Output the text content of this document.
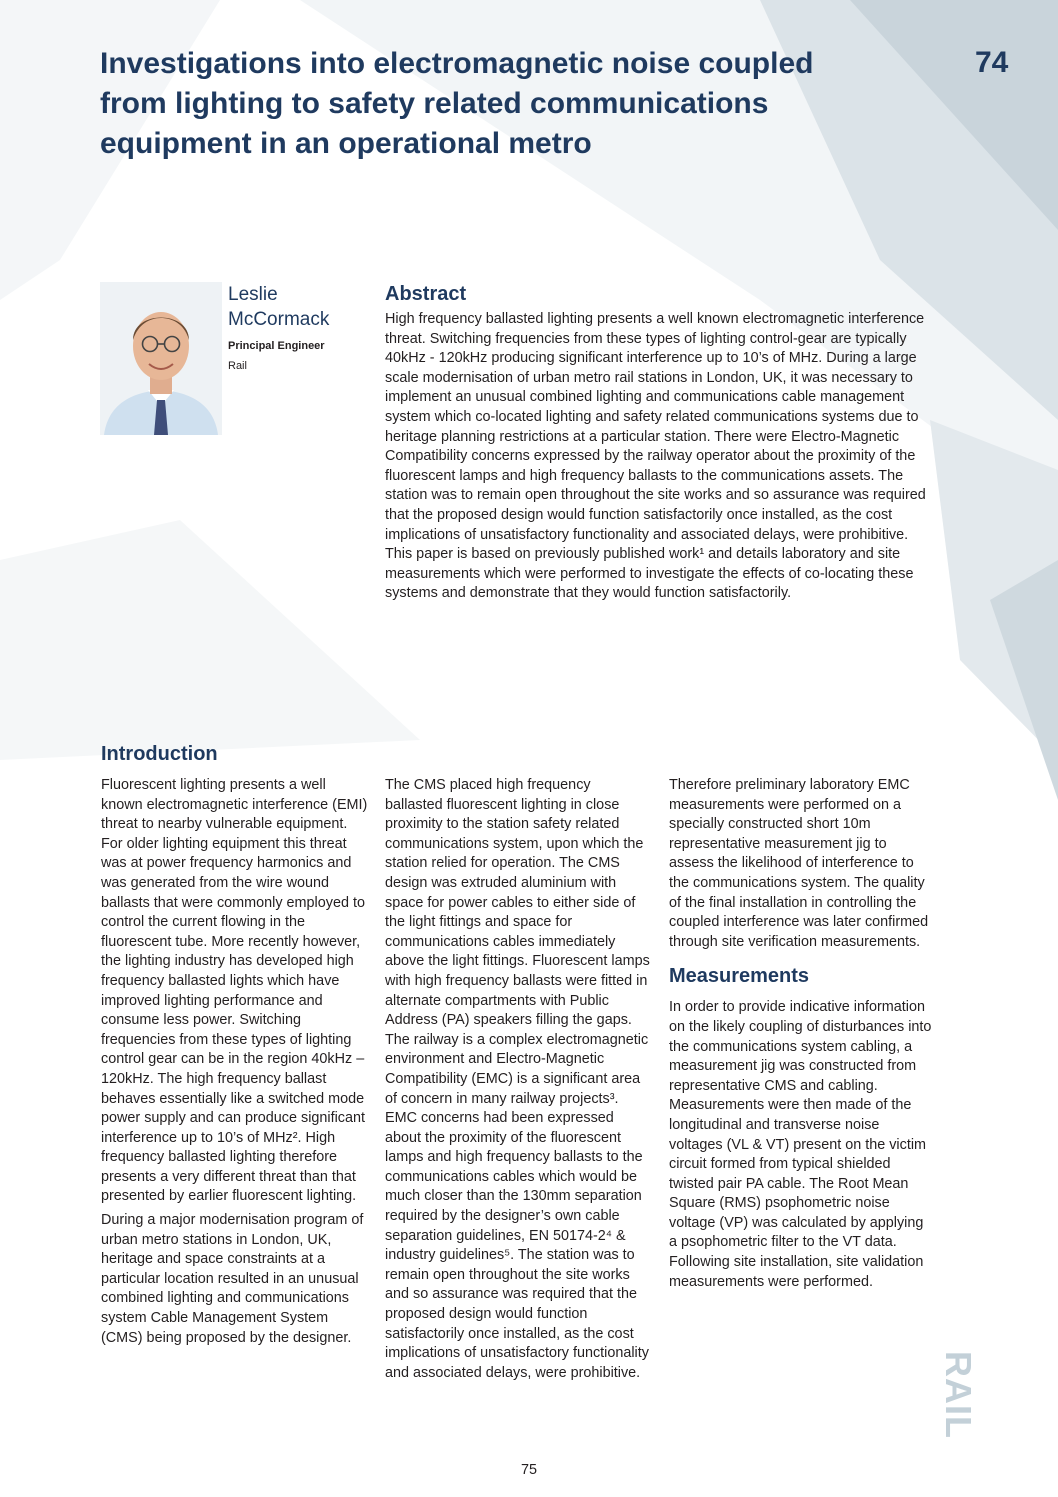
Investigations into electromagnetic noise coupled from lighting to safety related communications equipment in an operational metro
74
Leslie
McCormack
Principal Engineer
Rail
Abstract

High frequency ballasted lighting presents a well known electromagnetic interference threat. Switching frequencies from these types of lighting control-gear are typically 40kHz - 120kHz producing significant interference up to 10’s of MHz. During a large scale modernisation of urban metro rail stations in London, UK, it was necessary to implement an unusual combined lighting and communications cable management system which co-located lighting and safety related communications systems due to heritage planning restrictions at a particular station. There were Electro-Magnetic Compatibility concerns expressed by the railway operator about the proximity of the fluorescent lamps and high frequency ballasts to the communications assets. The station was to remain open throughout the site works and so assurance was required that the proposed design would function satisfactorily once installed, as the cost implications of unsatisfactory functionality and associated delays, were prohibitive. This paper is based on previously published work¹ and details laboratory and site measurements which were performed to investigate the effects of co-locating these systems and demonstrate that they would function satisfactorily.

Introduction

Fluorescent lighting presents a well known electromagnetic interference (EMI) threat to nearby vulnerable equipment. For older lighting equipment this threat was at power frequency harmonics and was generated from the wire wound ballasts that were commonly employed to control the current flowing in the fluorescent tube. More recently however, the lighting industry has developed high frequency ballasted lights which have improved lighting performance and consume less power. Switching frequencies from these types of lighting control gear can be in the region 40kHz – 120kHz. The high frequency ballast behaves essentially like a switched mode power supply and can produce significant interference up to 10’s of MHz². High frequency ballasted lighting therefore presents a very different threat than that presented by earlier fluorescent lighting.

During a major modernisation program of urban metro stations in London, UK, heritage and space constraints at a particular location resulted in an unusual combined lighting and communications system Cable Management System (CMS) being proposed by the designer.

The CMS placed high frequency ballasted fluorescent lighting in close proximity to the station safety related communications system, upon which the station relied for operation. The CMS design was extruded aluminium with space for power cables to either side of the light fittings and space for communications cables immediately above the light fittings. Fluorescent lamps with high frequency ballasts were fitted in alternate compartments with Public Address (PA) speakers filling the gaps. The railway is a complex electromagnetic environment and Electro-Magnetic Compatibility (EMC) is a significant area of concern in many railway projects³. EMC concerns had been expressed about the proximity of the fluorescent lamps and high frequency ballasts to the communications cables which would be much closer than the 130mm separation required by the designer’s own cable separation guidelines, EN 50174-2⁴ & industry guidelines⁵. The station was to remain open throughout the site works and so assurance was required that the proposed design would function satisfactorily once installed, as the cost implications of unsatisfactory functionality and associated delays, were prohibitive.

Therefore preliminary laboratory EMC measurements were performed on a specially constructed short 10m representative measurement jig to assess the likelihood of interference to the communications system. The quality of the final installation in controlling the coupled interference was later confirmed through site verification measurements.

Measurements

In order to provide indicative information on the likely coupling of disturbances into the communications system cabling, a measurement jig was constructed from representative CMS and cabling. Measurements were then made of the longitudinal and transverse noise voltages (VL & VT) present on the victim circuit formed from typical shielded twisted pair PA cable. The Root Mean Square (RMS) psophometric noise voltage (VP) was calculated by applying a psophometric filter to the VT data. Following site installation, site validation measurements were performed.

RAIL
75
